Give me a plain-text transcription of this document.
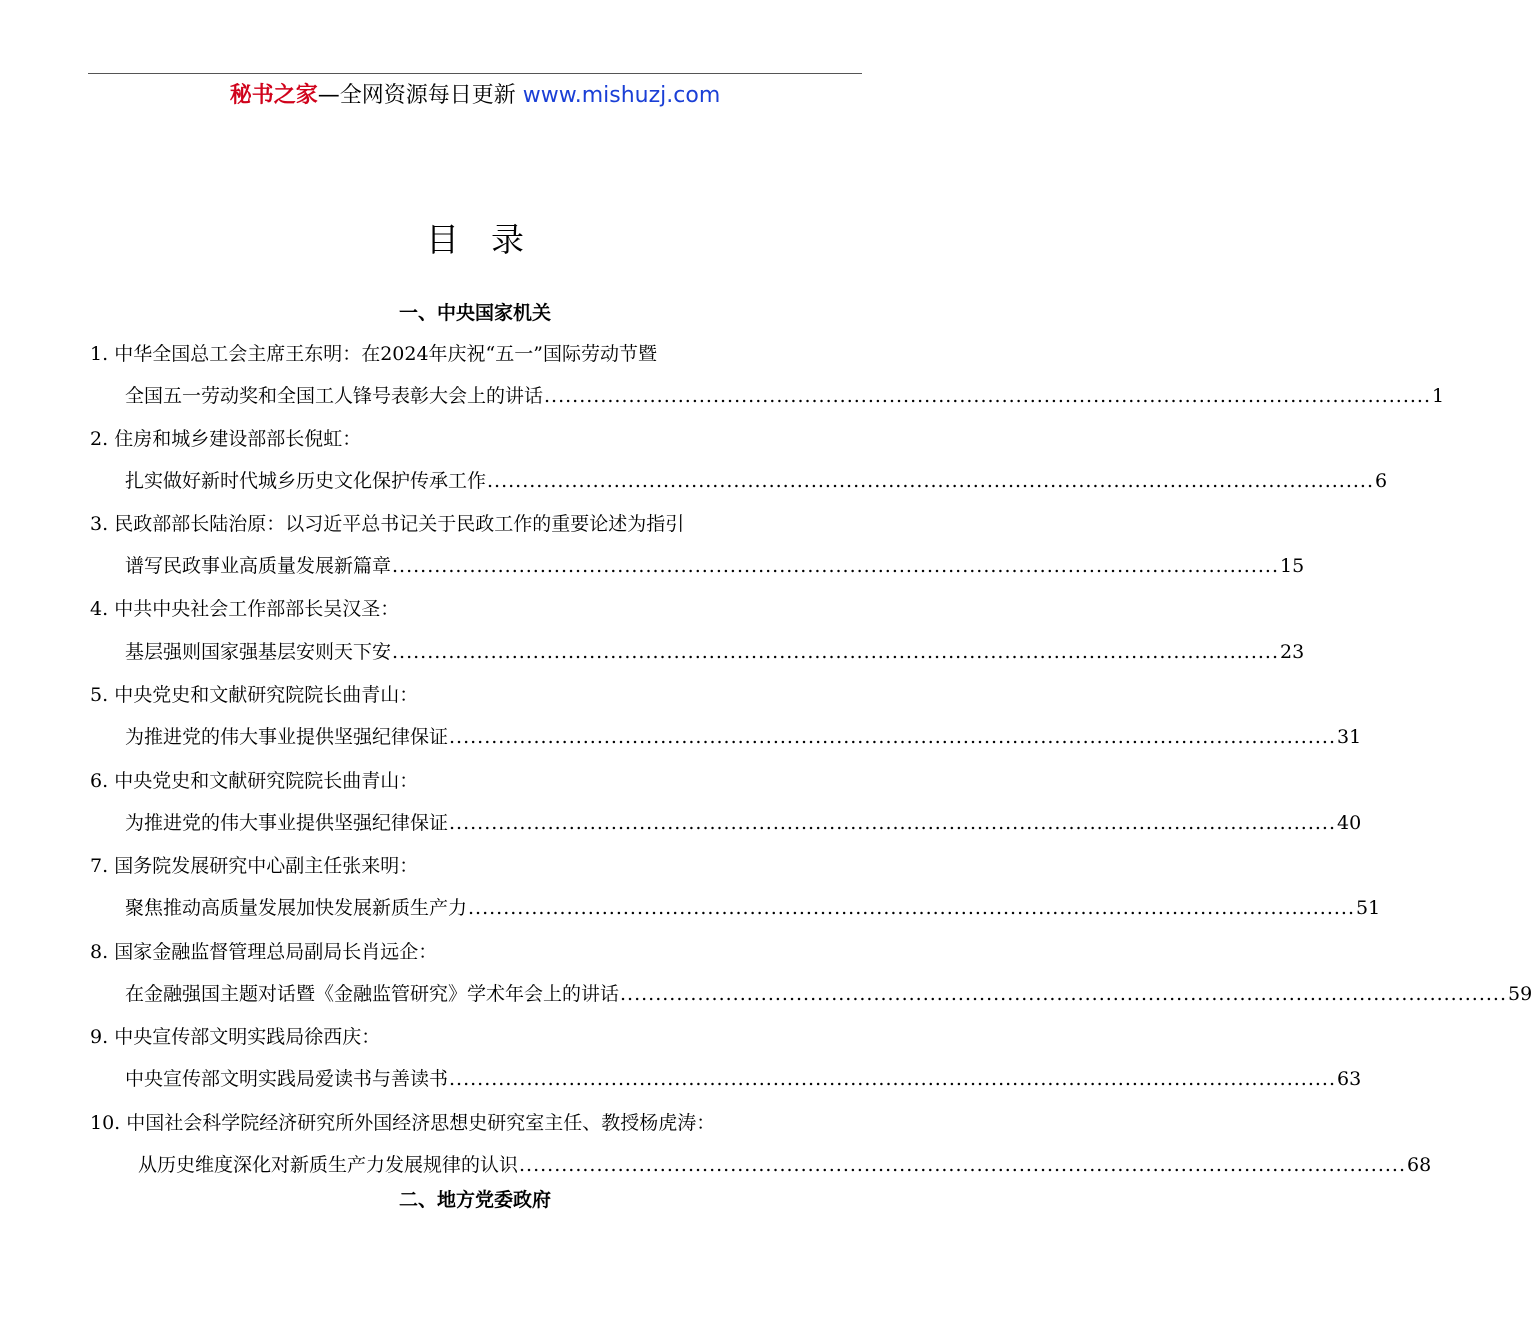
秘书之家—全网资源每日更新 www.mishuzj.com
目录
一、中央国家机关
1. 中华全国总工会主席王东明：在2024年庆祝“五一”国际劳动节暨
全国五一劳动奖和全国工人锋号表彰大会上的讲话 .............................................................................................................................. 1
2. 住房和城乡建设部部长倪虹：
扎实做好新时代城乡历史文化保护传承工作 .............................................................................................................................. 6
3. 民政部部长陆治原：以习近平总书记关于民政工作的重要论述为指引
谱写民政事业高质量发展新篇章 .............................................................................................................................. 15
4. 中共中央社会工作部部长吴汉圣：
基层强则国家强基层安则天下安 .............................................................................................................................. 23
5. 中央党史和文献研究院院长曲青山：
为推进党的伟大事业提供坚强纪律保证 .............................................................................................................................. 31
6. 中央党史和文献研究院院长曲青山：
为推进党的伟大事业提供坚强纪律保证 .............................................................................................................................. 40
7. 国务院发展研究中心副主任张来明：
聚焦推动高质量发展加快发展新质生产力 .............................................................................................................................. 51
8. 国家金融监督管理总局副局长肖远企：
在金融强国主题对话暨《金融监管研究》学术年会上的讲话 .............................................................................................................................. 59
9. 中央宣传部文明实践局徐西庆：
中央宣传部文明实践局爱读书与善读书 .............................................................................................................................. 63
10. 中国社会科学院经济研究所外国经济思想史研究室主任、教授杨虎涛：
从历史维度深化对新质生产力发展规律的认识 .............................................................................................................................. 68
二、地方党委政府
